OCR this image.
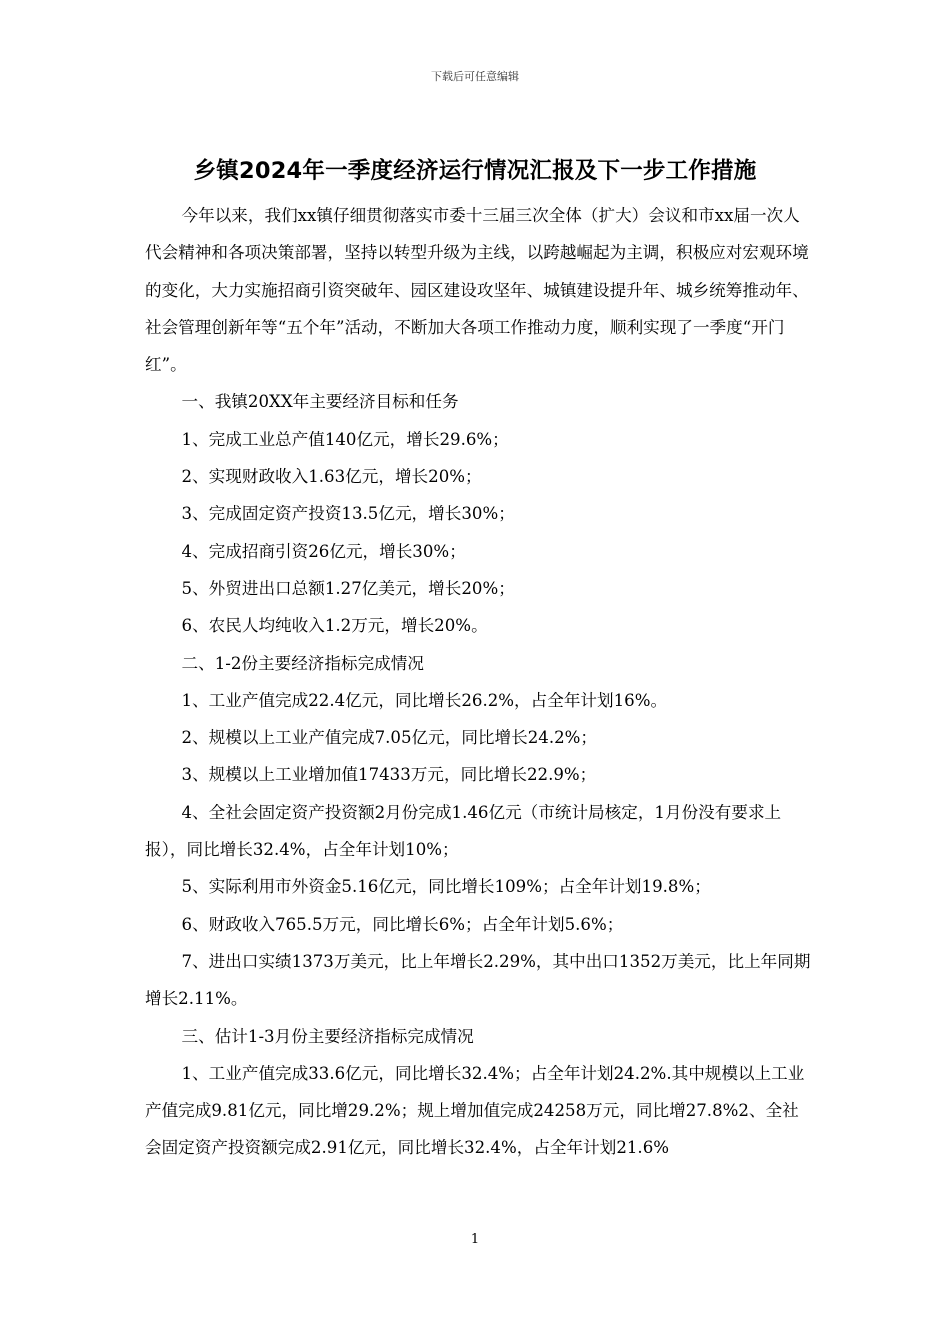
下载后可任意编辑
乡镇2024年一季度经济运行情况汇报及下一步工作措施

今年以来，我们xx镇仔细贯彻落实市委十三届三次全体（扩大）会议和市xx届一次人代会精神和各项决策部署，坚持以转型升级为主线，以跨越崛起为主调，积极应对宏观环境的变化，大力实施招商引资突破年、园区建设攻坚年、城镇建设提升年、城乡统筹推动年、社会管理创新年等“五个年”活动，不断加大各项工作推动力度，顺利实现了一季度“开门红”。

一、我镇20XX年主要经济目标和任务

1、完成工业总产值140亿元，增长29.6%；

2、实现财政收入1.63亿元，增长20%；

3、完成固定资产投资13.5亿元，增长30%；

4、完成招商引资26亿元，增长30%；

5、外贸进出口总额1.27亿美元，增长20%；

6、农民人均纯收入1.2万元，增长20%。

二、1-2份主要经济指标完成情况

1、工业产值完成22.4亿元，同比增长26.2%，占全年计划16%。

2、规模以上工业产值完成7.05亿元，同比增长24.2%；

3、规模以上工业增加值17433万元，同比增长22.9%；

4、全社会固定资产投资额2月份完成1.46亿元（市统计局核定，1月份没有要求上报），同比增长32.4%，占全年计划10%；

5、实际利用市外资金5.16亿元，同比增长109%；占全年计划19.8%；

6、财政收入765.5万元，同比增长6%；占全年计划5.6%；

7、进出口实绩1373万美元，比上年增长2.29%，其中出口1352万美元，比上年同期增长2.11%。

三、估计1-3月份主要经济指标完成情况

1、工业产值完成33.6亿元，同比增长32.4%；占全年计划24.2%.其中规模以上工业产值完成9.81亿元，同比增29.2%；规上增加值完成24258万元，同比增27.8%2、全社会固定资产投资额完成2.91亿元，同比增长32.4%，占全年计划21.6%

1
